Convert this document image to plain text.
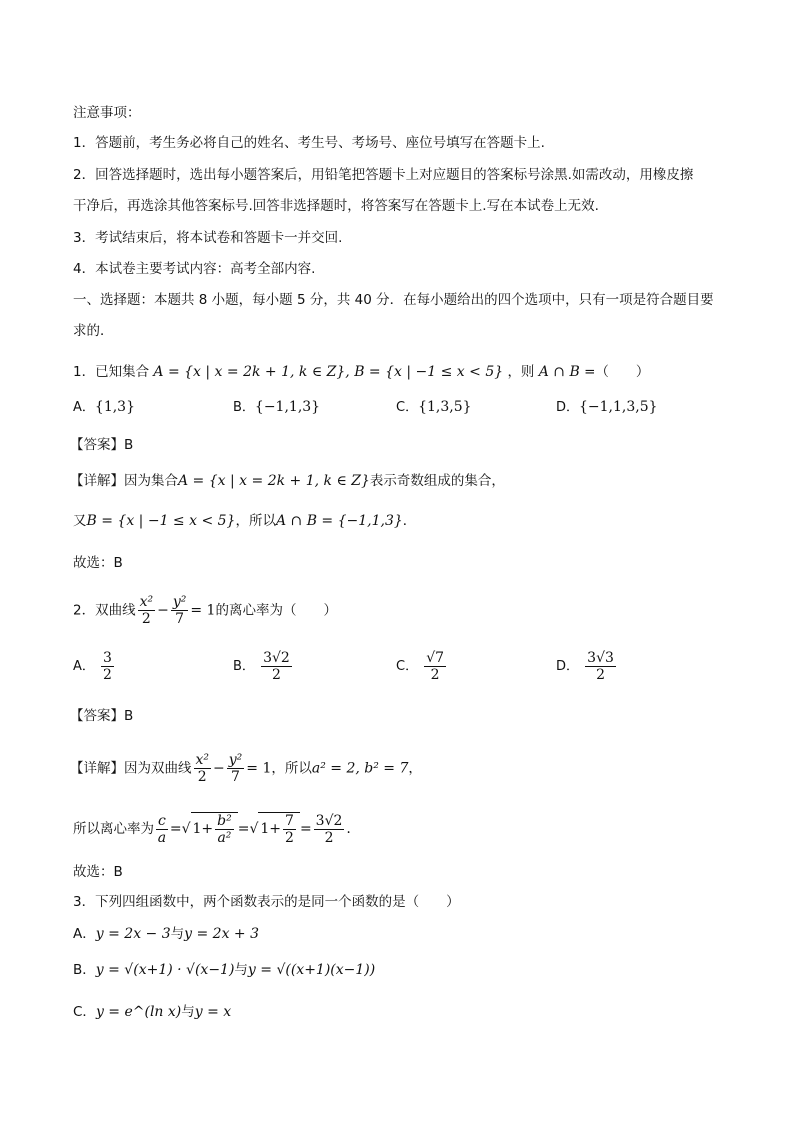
注意事项：
1．答题前，考生务必将自己的姓名、考生号、考场号、座位号填写在答题卡上.
2．回答选择题时，选出每小题答案后，用铅笔把答题卡上对应题目的答案标号涂黑.如需改动，用橡皮擦
干净后，再选涂其他答案标号.回答非选择题时，将答案写在答题卡上.写在本试卷上无效.
3．考试结束后，将本试卷和答题卡一并交回.
4．本试卷主要考试内容：高考全部内容.
一、选择题：本题共 8 小题，每小题 5 分，共 40 分．在每小题给出的四个选项中，只有一项是符合题目要
求的．
1．已知集合 A = {x | x = 2k + 1, k ∈ Z}, B = {x | −1 ≤ x < 5} ，则 A ∩ B =（　　）
A．{1,3}	B．{−1,1,3}	C．{1,3,5}	D．{−1,1,3,5}
【答案】B
【详解】因为集合A = {x | x = 2k + 1, k ∈ Z}表示奇数组成的集合，
又B = {x | −1 ≤ x < 5}，所以A ∩ B = {−1,1,3}．
故选：B
2．双曲线 $\frac{\text{x²}}{2} - \frac{\text{y²}}{7} = 1$的离心率为（　　）
A． $\frac{3}{2}$	B． $\frac{3√2}{2}$	C． $\frac{√7}{2}$	D． $\frac{3√3}{2}$
【答案】B
【详解】因为双曲线 $\frac{\text{x²}}{2} - \frac{\text{y²}}{7} = 1$，所以a² = 2, b² = 7，
所以离心率为 $\frac{c}{a}$ =√ $1+ \frac{\text{b²}}{\text{a²}}$ =√ $1+ \frac{7}{2} = \frac{3√2}{2}$ .
故选：B
3．下列四组函数中，两个函数表示的是同一个函数的是（　　）
A．y = 2x − 3与y = 2x + 3
B．y = √(x+1) · √(x−1)与y = √((x+1)(x−1))
C．y = e^(ln x)与y = x
